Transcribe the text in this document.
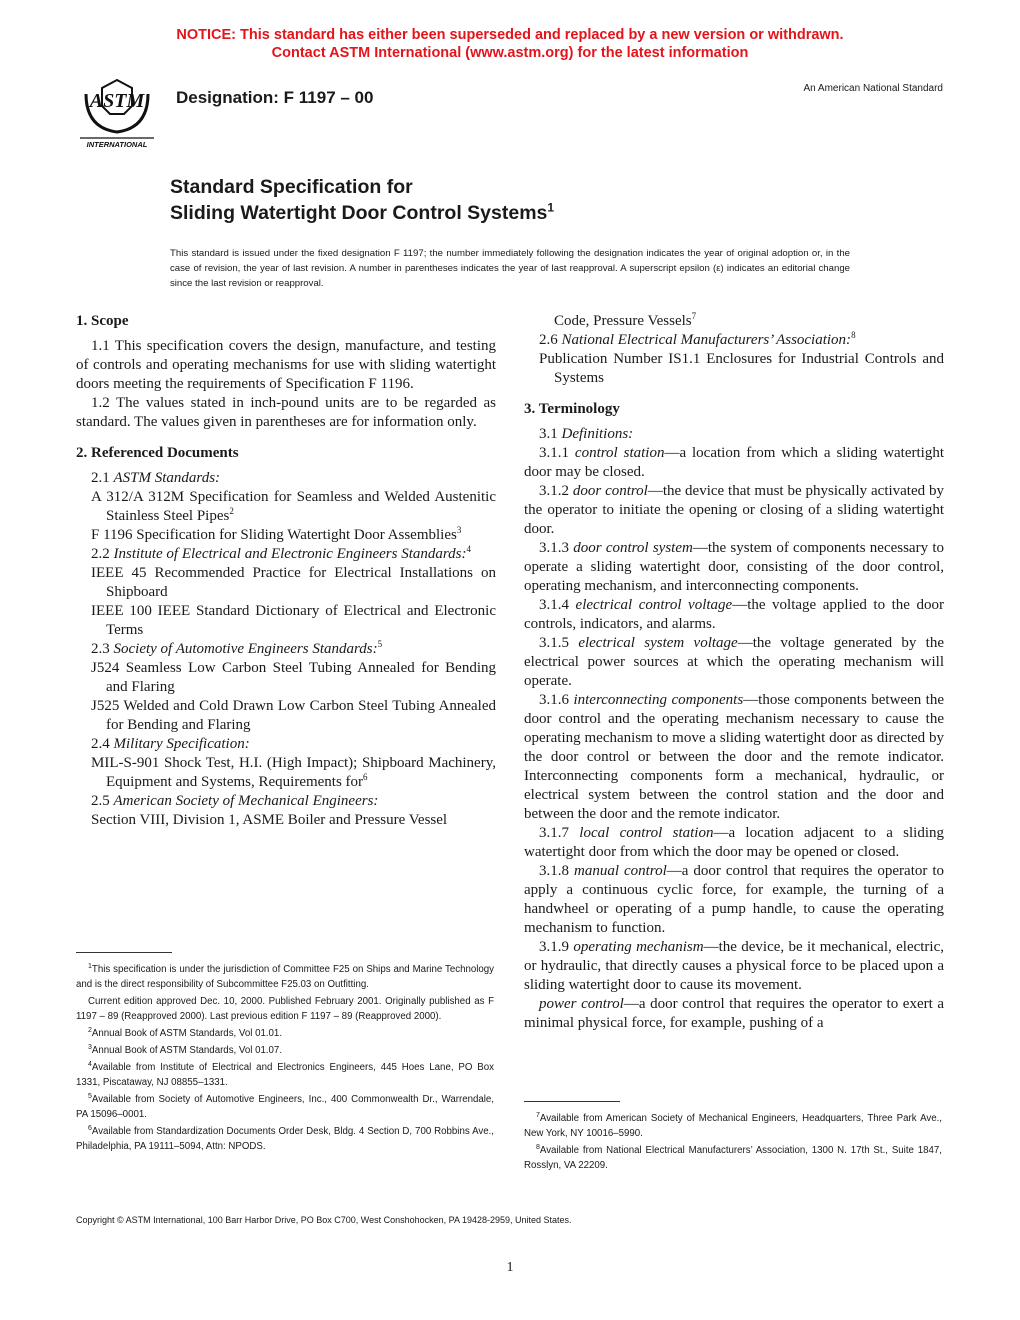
NOTICE: This standard has either been superseded and replaced by a new version or withdrawn.
Contact ASTM International (www.astm.org) for the latest information
ASTM
INTERNATIONAL
Designation: F 1197 – 00	An American National Standard
Standard Specification for
Sliding Watertight Door Control Systems$^1$
This standard is issued under the fixed designation F 1197; the number immediately following the designation indicates the year of original adoption or, in the case of revision, the year of last revision. A number in parentheses indicates the year of last reapproval. A superscript epsilon (ε) indicates an editorial change since the last revision or reapproval.

1. Scope

1.1 This specification covers the design, manufacture, and testing of controls and operating mechanisms for use with sliding watertight doors meeting the requirements of Specification F 1196.

1.2 The values stated in inch-pound units are to be regarded as standard. The values given in parentheses are for information only.

2. Referenced Documents

2.1 ASTM Standards:

A 312/A 312M Specification for Seamless and Welded Austenitic Stainless Steel Pipes$^2$

F 1196 Specification for Sliding Watertight Door Assemblies$^3$

2.2 Institute of Electrical and Electronic Engineers Standards:$^4$

IEEE 45 Recommended Practice for Electrical Installations on Shipboard

IEEE 100 IEEE Standard Dictionary of Electrical and Electronic Terms

2.3 Society of Automotive Engineers Standards:$^5$

J524 Seamless Low Carbon Steel Tubing Annealed for Bending and Flaring

J525 Welded and Cold Drawn Low Carbon Steel Tubing Annealed for Bending and Flaring

2.4 Military Specification:

MIL-S-901 Shock Test, H.I. (High Impact); Shipboard Machinery, Equipment and Systems, Requirements for$^6$

2.5 American Society of Mechanical Engineers:

Section VIII, Division 1, ASME Boiler and Pressure Vessel

Code, Pressure Vessels$^7$

2.6 National Electrical Manufacturers’ Association:$^8$

Publication Number IS1.1 Enclosures for Industrial Controls and Systems

3. Terminology

3.1 Definitions:

3.1.1 control station—a location from which a sliding watertight door may be closed.

3.1.2 door control—the device that must be physically activated by the operator to initiate the opening or closing of a sliding watertight door.

3.1.3 door control system—the system of components necessary to operate a sliding watertight door, consisting of the door control, operating mechanism, and interconnecting components.

3.1.4 electrical control voltage—the voltage applied to the door controls, indicators, and alarms.

3.1.5 electrical system voltage—the voltage generated by the electrical power sources at which the operating mechanism will operate.

3.1.6 interconnecting components—those components between the door control and the operating mechanism necessary to cause the operating mechanism to move a sliding watertight door as directed by the door control or between the door and the remote indicator. Interconnecting components form a mechanical, hydraulic, or electrical system between the control station and the door and between the door and the remote indicator.

3.1.7 local control station—a location adjacent to a sliding watertight door from which the door may be opened or closed.

3.1.8 manual control—a door control that requires the operator to apply a continuous cyclic force, for example, the turning of a handwheel or operating of a pump handle, to cause the operating mechanism to function.

3.1.9 operating mechanism—the device, be it mechanical, electric, or hydraulic, that directly causes a physical force to be placed upon a sliding watertight door to cause its movement.

power control—a door control that requires the operator to exert a minimal physical force, for example, pushing of a

$^1$This specification is under the jurisdiction of Committee F25 on Ships and Marine Technology and is the direct responsibility of Subcommittee F25.03 on Outfitting.

Current edition approved Dec. 10, 2000. Published February 2001. Originally published as F 1197 – 89 (Reapproved 2000). Last previous edition F 1197 – 89 (Reapproved 2000).

$^2$Annual Book of ASTM Standards, Vol 01.01.

$^3$Annual Book of ASTM Standards, Vol 01.07.

$^4$Available from Institute of Electrical and Electronics Engineers, 445 Hoes Lane, PO Box 1331, Piscataway, NJ 08855–1331.

$^5$Available from Society of Automotive Engineers, Inc., 400 Commonwealth Dr., Warrendale, PA 15096–0001.

$^6$Available from Standardization Documents Order Desk, Bldg. 4 Section D, 700 Robbins Ave., Philadelphia, PA 19111–5094, Attn: NPODS.

$^7$Available from American Society of Mechanical Engineers, Headquarters, Three Park Ave., New York, NY 10016–5990.

$^8$Available from National Electrical Manufacturers’ Association, 1300 N. 17th St., Suite 1847, Rosslyn, VA 22209.

Copyright © ASTM International, 100 Barr Harbor Drive, PO Box C700, West Conshohocken, PA 19428-2959, United States.
1
